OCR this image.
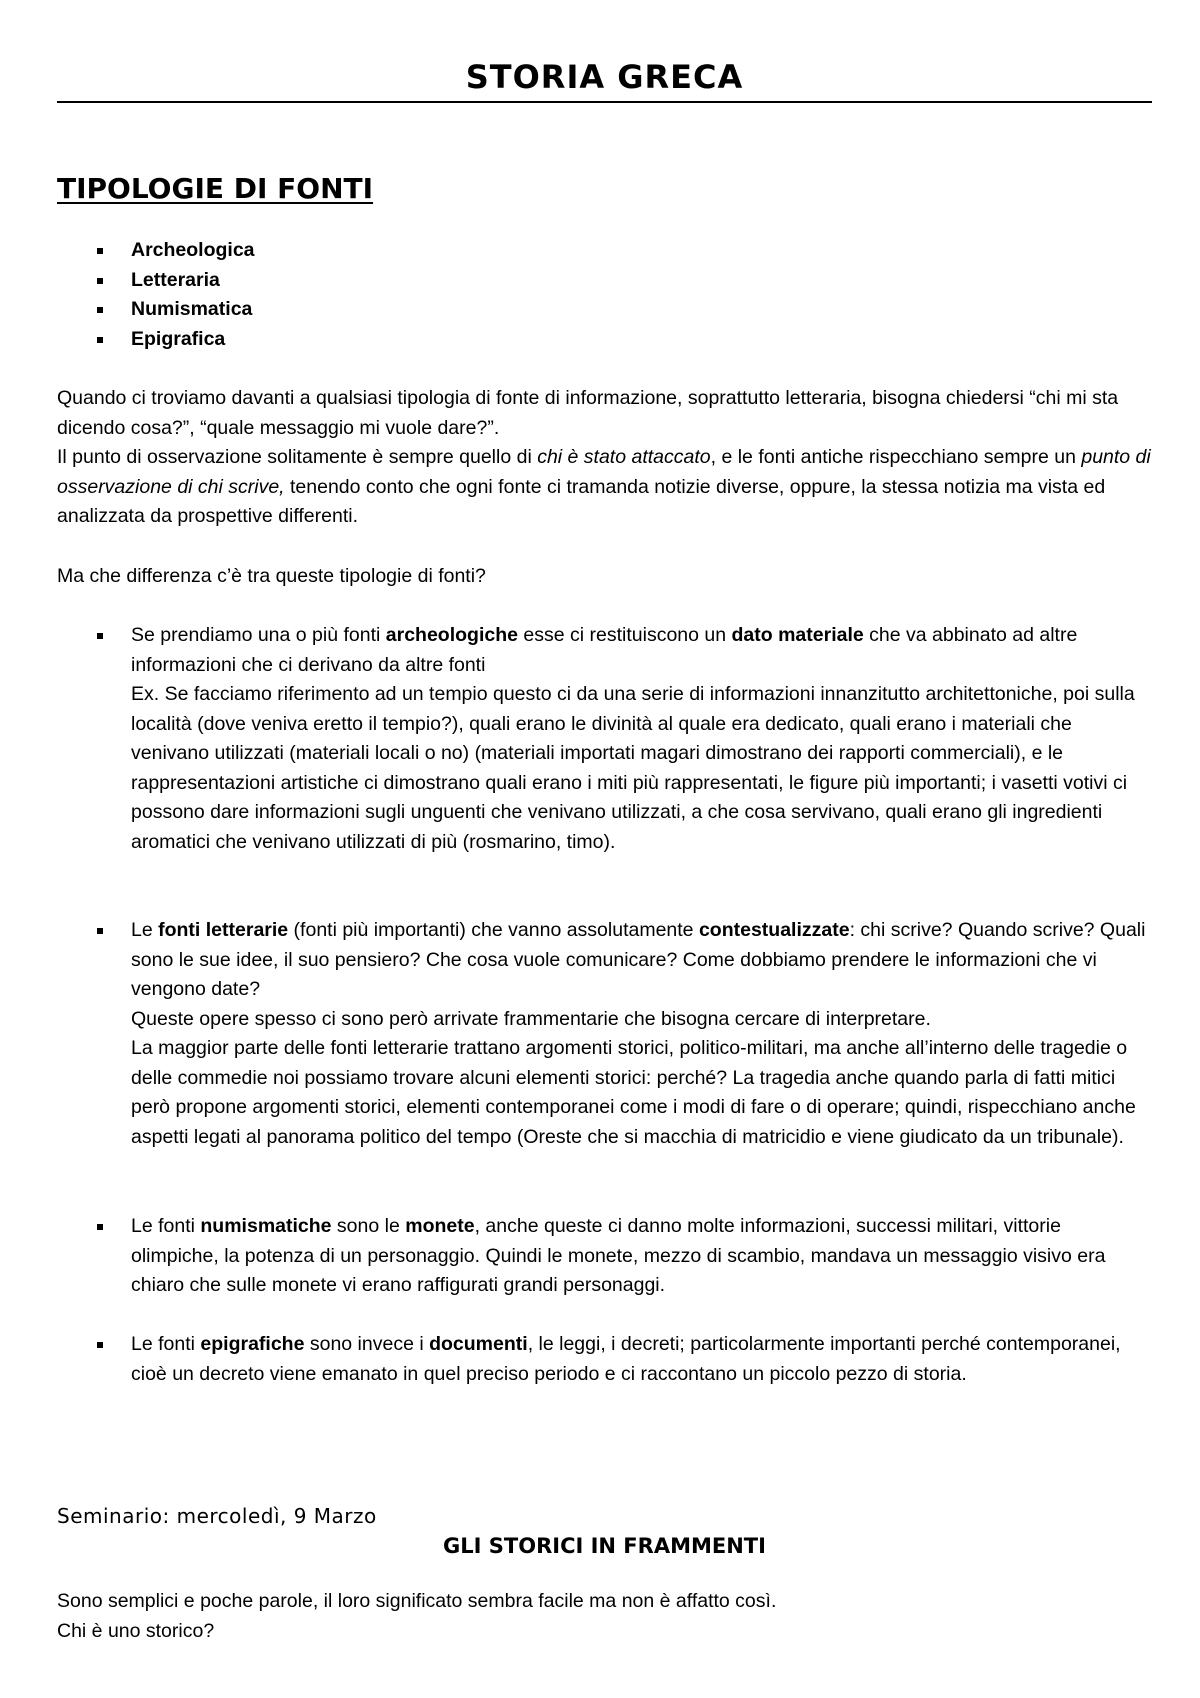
STORIA GRECA
TIPOLOGIE DI FONTI
Archeologica
Letteraria
Numismatica
Epigrafica
Quando ci troviamo davanti a qualsiasi tipologia di fonte di informazione, soprattutto letteraria, bisogna chiedersi “chi mi sta dicendo cosa?”, “quale messaggio mi vuole dare?”.
Il punto di osservazione solitamente è sempre quello di chi è stato attaccato, e le fonti antiche rispecchiano sempre un punto di osservazione di chi scrive, tenendo conto che ogni fonte ci tramanda notizie diverse, oppure, la stessa notizia ma vista ed analizzata da prospettive differenti.
Ma che differenza c’è tra queste tipologie di fonti?
Se prendiamo una o più fonti archeologiche esse ci restituiscono un dato materiale che va abbinato ad altre informazioni che ci derivano da altre fonti
Ex. Se facciamo riferimento ad un tempio questo ci da una serie di informazioni innanzitutto architettoniche, poi sulla località (dove veniva eretto il tempio?), quali erano le divinità al quale era dedicato, quali erano i materiali che venivano utilizzati (materiali locali o no) (materiali importati magari dimostrano dei rapporti commerciali), e le rappresentazioni artistiche ci dimostrano quali erano i miti più rappresentati, le figure più importanti; i vasetti votivi ci possono dare informazioni sugli unguenti che venivano utilizzati, a che cosa servivano, quali erano gli ingredienti aromatici che venivano utilizzati di più (rosmarino, timo).
Le fonti letterarie (fonti più importanti) che vanno assolutamente contestualizzate: chi scrive? Quando scrive? Quali sono le sue idee, il suo pensiero? Che cosa vuole comunicare? Come dobbiamo prendere le informazioni che vi vengono date?
Queste opere spesso ci sono però arrivate frammentarie che bisogna cercare di interpretare.
La maggior parte delle fonti letterarie trattano argomenti storici, politico-militari, ma anche all’interno delle tragedie o delle commedie noi possiamo trovare alcuni elementi storici: perché? La tragedia anche quando parla di fatti mitici però propone argomenti storici, elementi contemporanei come i modi di fare o di operare; quindi, rispecchiano anche aspetti legati al panorama politico del tempo (Oreste che si macchia di matricidio e viene giudicato da un tribunale).
Le fonti numismatiche sono le monete, anche queste ci danno molte informazioni, successi militari, vittorie olimpiche, la potenza di un personaggio. Quindi le monete, mezzo di scambio, mandava un messaggio visivo era chiaro che sulle monete vi erano raffigurati grandi personaggi.
Le fonti epigrafiche sono invece i documenti, le leggi, i decreti; particolarmente importanti perché contemporanei, cioè un decreto viene emanato in quel preciso periodo e ci raccontano un piccolo pezzo di storia.
Seminario: mercoledì, 9 Marzo
GLI STORICI IN FRAMMENTI
Sono semplici e poche parole, il loro significato sembra facile ma non è affatto così.
Chi è uno storico?
